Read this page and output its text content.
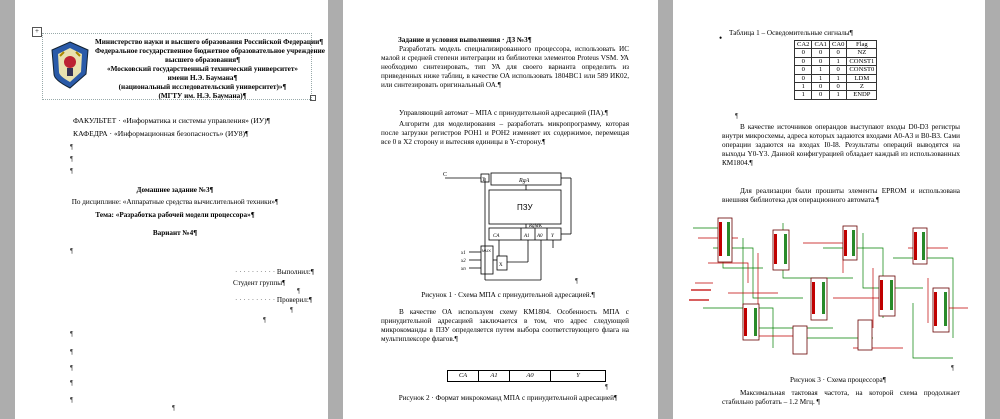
+
Министерство науки и высшего образования Российской Федерации¶
Федеральное государственное бюджетное образовательное учреждение
высшего образования¶
«Московский государственный технический университет»
имени Н.Э. Баумана¶
(национальный исследовательский университет)»¶
(МГТУ им. Н.Э. Баумана)¶
ФАКУЛЬТЕТ · «Информатика и системы управления» (ИУ)¶
КАФЕДРА · «Информационная безопасность» (ИУ8)¶
¶
¶
¶
Домашнее задание №3¶
По дисциплине: «Аппаратные средства вычислительной техники»¶
Тема: «Разработка рабочей модели процессора»¶
Вариант №4¶
¶
· · · · · · · · · · Выполнил:¶
Студент группы¶
¶
· · · · · · · · · · Проверил:¶
¶
¶
¶
¶
¶
¶
¶
¶
Задание и условия выполнения · ДЗ №3¶
Разработать модель специализированного процессора, использовать ИС малой и средней степени интеграции из библиотеки элементов Proteus VSM. УА необходимо синтезировать, тип УА для своего варианта определить из приведенных ниже таблиц, в качестве ОА использовать 1804ВС1 или 589 ИК02, или синтезировать оригинальный ОА.¶
Управляющий автомат – МПА с принудительной адресацией (ПА).¶
Алгоритм для моделирования – разработать микропрограмму, которая после загрузки регистров РОН1 и РОН2 изменяет их содержимое, перемещая все 0 в Х2 сторону и вытесняя единицы в Y-сторону.¶
C
T	RgA
ПЗУ
RgMK
CA	A1 A0 Y
MUX
X
x1
x2
xn
¶
Рисунок 1 · Схема МПА с принудительной адресацией.¶
В качестве ОА используем схему КМ1804. Особенность МПА с принудительной адресацией заключается в том, что адрес следующей микрокоманды в ПЗУ определяется путем выбора соответствующего флага на мультиплексоре флагов.¶
CA	A1	A0	Y
¶
Рисунок 2 · Формат микрокоманд МПА с принудительной адресацией¶
• Таблица 1 – Осведомительные сигналы¶
CA2	CA1	CA0	Flag
0	0	0	NZ
0	0	1	CONST1
0	1	0	CONST0
0	1	1	LDM
1	0	0	Z
1	0	1	ENDP
¶
В качестве источников операндов выступают входы D0-D3 регистры внутри микросхемы, адреса которых задаются входами A0-A3 и B0-B3. Сами операции задаются на входах I0-I8. Результаты операций выводятся на выходы Y0-Y3. Данной конфигурацией обладает каждый из использованных КМ1804.¶
Для реализации были прошиты элементы EPROM и использована внешняя библиотека для операционного автомата.¶
¶
Рисунок 3 · Схема процессора¶
Максимальная тактовая частота, на которой схема продолжает стабильно работать – 1.2 Мгц. ¶
